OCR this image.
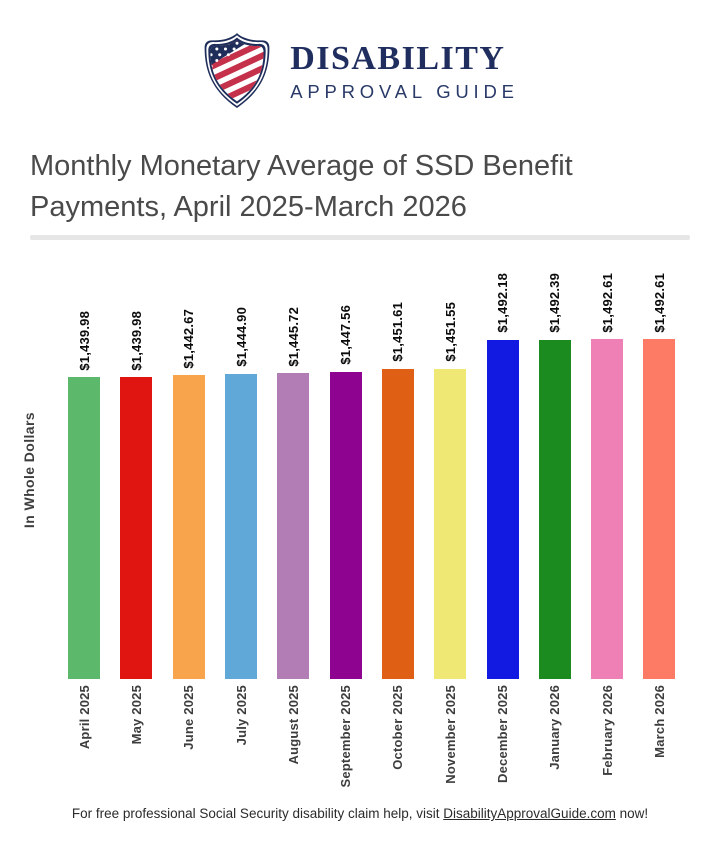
DISABILITY
APPROVAL GUIDE
Monthly Monetary Average of SSD Benefit
Payments, April 2025-March 2026
In Whole Dollars
$1,439.98	$1,439.98	$1,442.67	$1,444.90	$1,445.72	$1,447.56	$1,451.61	$1,451.55	$1,492.18	$1,492.39	$1,492.61	$1,492.61
April 2025	May 2025	June 2025	July 2025	August 2025	September 2025	October 2025	November 2025	December 2025	January 2026	February 2026	March 2026

For free professional Social Security disability claim help, visit DisabilityApprovalGuide.com now!
